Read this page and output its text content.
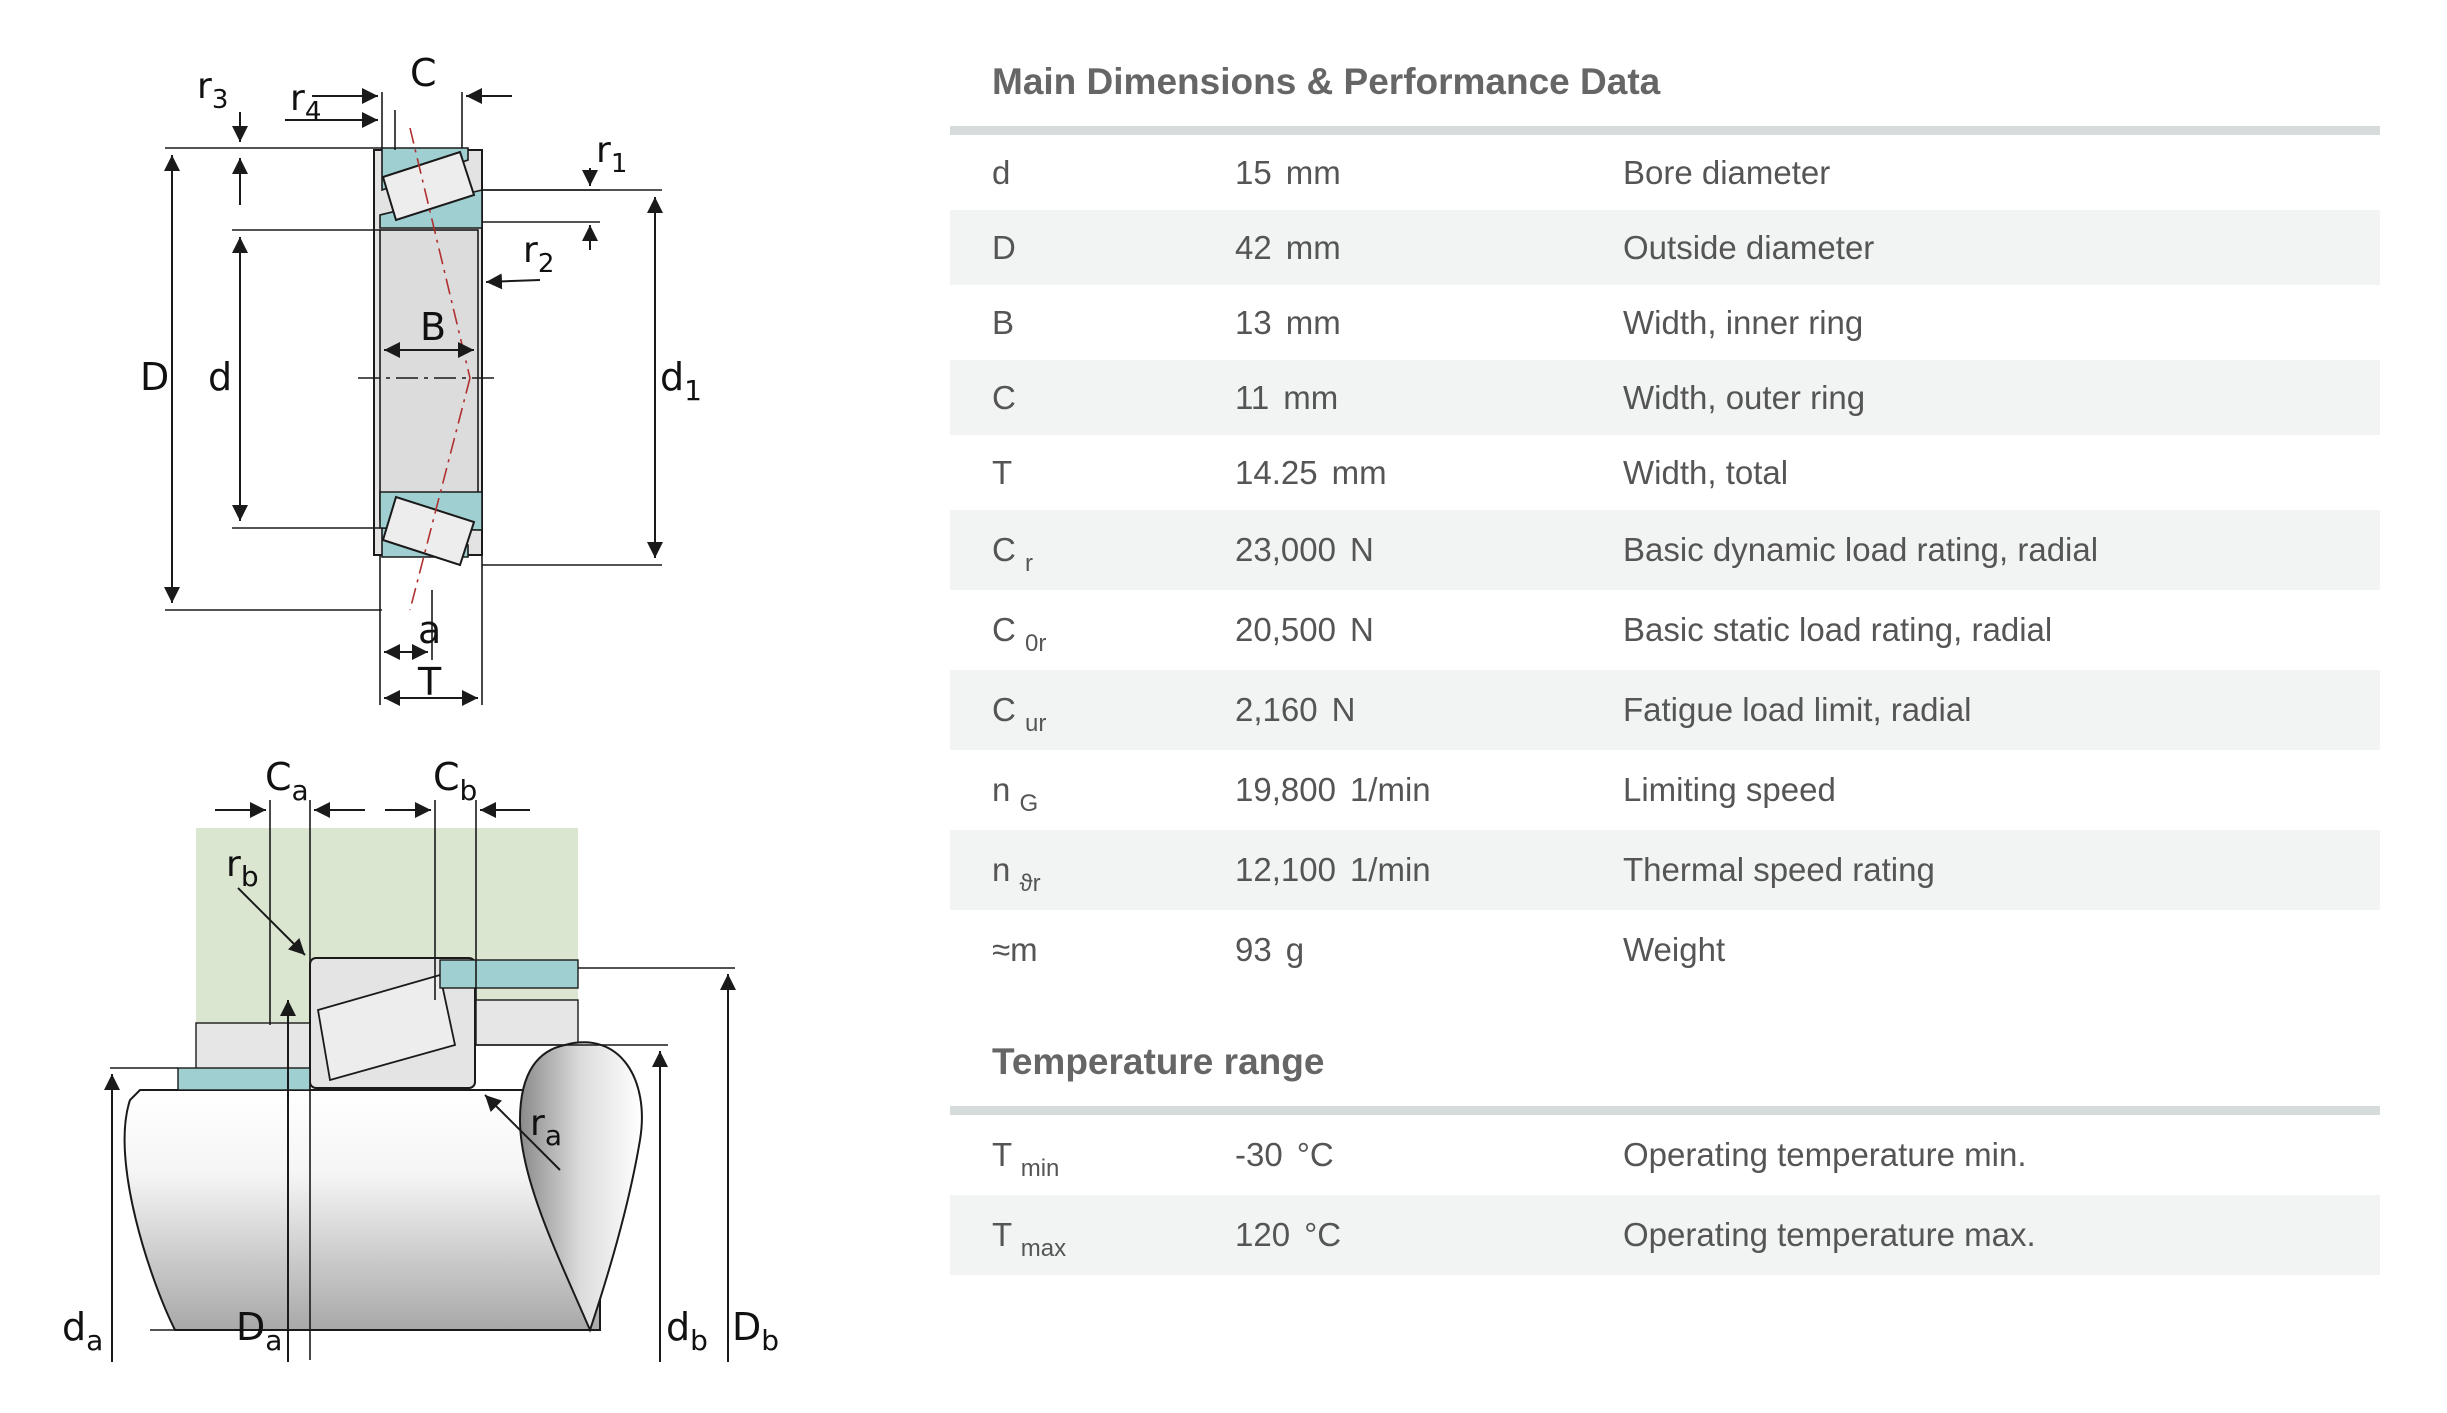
$r_3$ $r_4$
C
$r_1$
$r_2$
B
D d	$d_1$
a
T
$C_a$	$C_b$
$r_b$
$r_a$
$d_a$	$D_a$	$d_b$ $D_b$
Main Dimensions & Performance Data
d	15 mm	Bore diameter
D	42 mm	Outside diameter
B	13 mm	Width, inner ring
C	11 mm	Width, outer ring
T	14.25 mm	Width, total
C $_r$	23,000 N	Basic dynamic load rating, radial
C $_{0r}$	20,500 N	Basic static load rating, radial
C $_{ur}$	2,160 N	Fatigue load limit, radial
n $_G$	19,800 1/min	Limiting speed
n $_{ϑr}$	12,100 1/min	Thermal speed rating
≈m	93 g	Weight
Temperature range
T $_{min}$	-30 °C	Operating temperature min.
T $_{max}$	120 °C	Operating temperature max.
